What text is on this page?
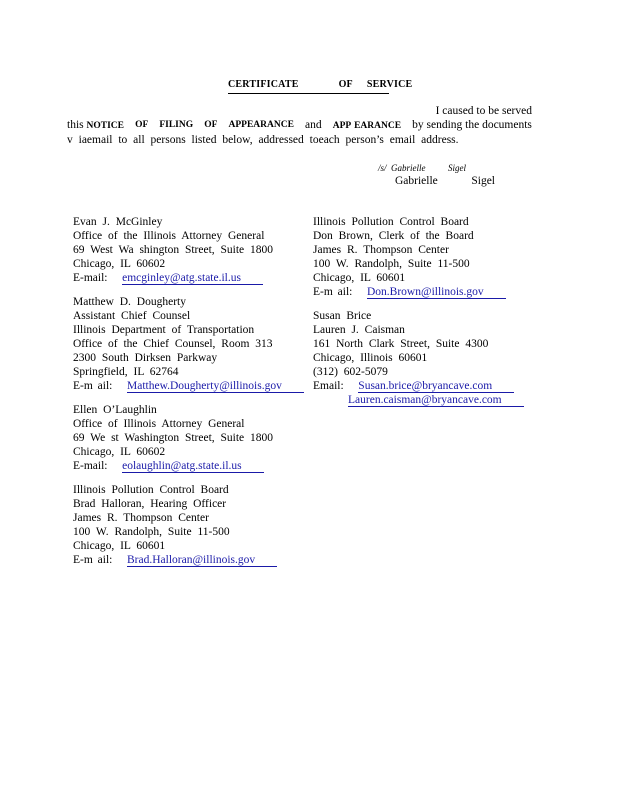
CERTIFICATE	OF SERVICE
I caused to be served
this NOTICE OF FILING OF APPEARANCE and APP EARANCE by sending the documents
v iaemail to all persons listed below, addressed toeach person’s email address.
/s/ Gabrielle	Sigel
Gabrielle	Sigel
Evan J. McGinley
Office of the Illinois Attorney General
69 West Wa shington Street, Suite 1800
Chicago, IL 60602
E-mail: emcginley@atg.state.il.us
Matthew D. Dougherty
Assistant Chief Counsel
Illinois Department of Transportation
Office of the Chief Counsel, Room 313
2300 South Dirksen Parkway
Springfield, IL 62764
E-m ail: Matthew.Dougherty@illinois.gov
Ellen O’Laughlin
Office of Illinois Attorney General
69 We st Washington Street, Suite 1800
Chicago, IL 60602
E-mail: eolaughlin@atg.state.il.us
Illinois Pollution Control Board
Brad Halloran, Hearing Officer
James R. Thompson Center
100 W. Randolph, Suite 11-500
Chicago, IL 60601
E-m ail: Brad.Halloran@illinois.gov
Illinois Pollution Control Board
Don Brown, Clerk of the Board
James R. Thompson Center
100 W. Randolph, Suite 11-500
Chicago, IL 60601
E-m ail: Don.Brown@illinois.gov
Susan Brice
Lauren J. Caisman
161 North Clark Street, Suite 4300
Chicago, Illinois 60601
(312) 602-5079
Email: Susan.brice@bryancave.com
Lauren.caisman@bryancave.com
